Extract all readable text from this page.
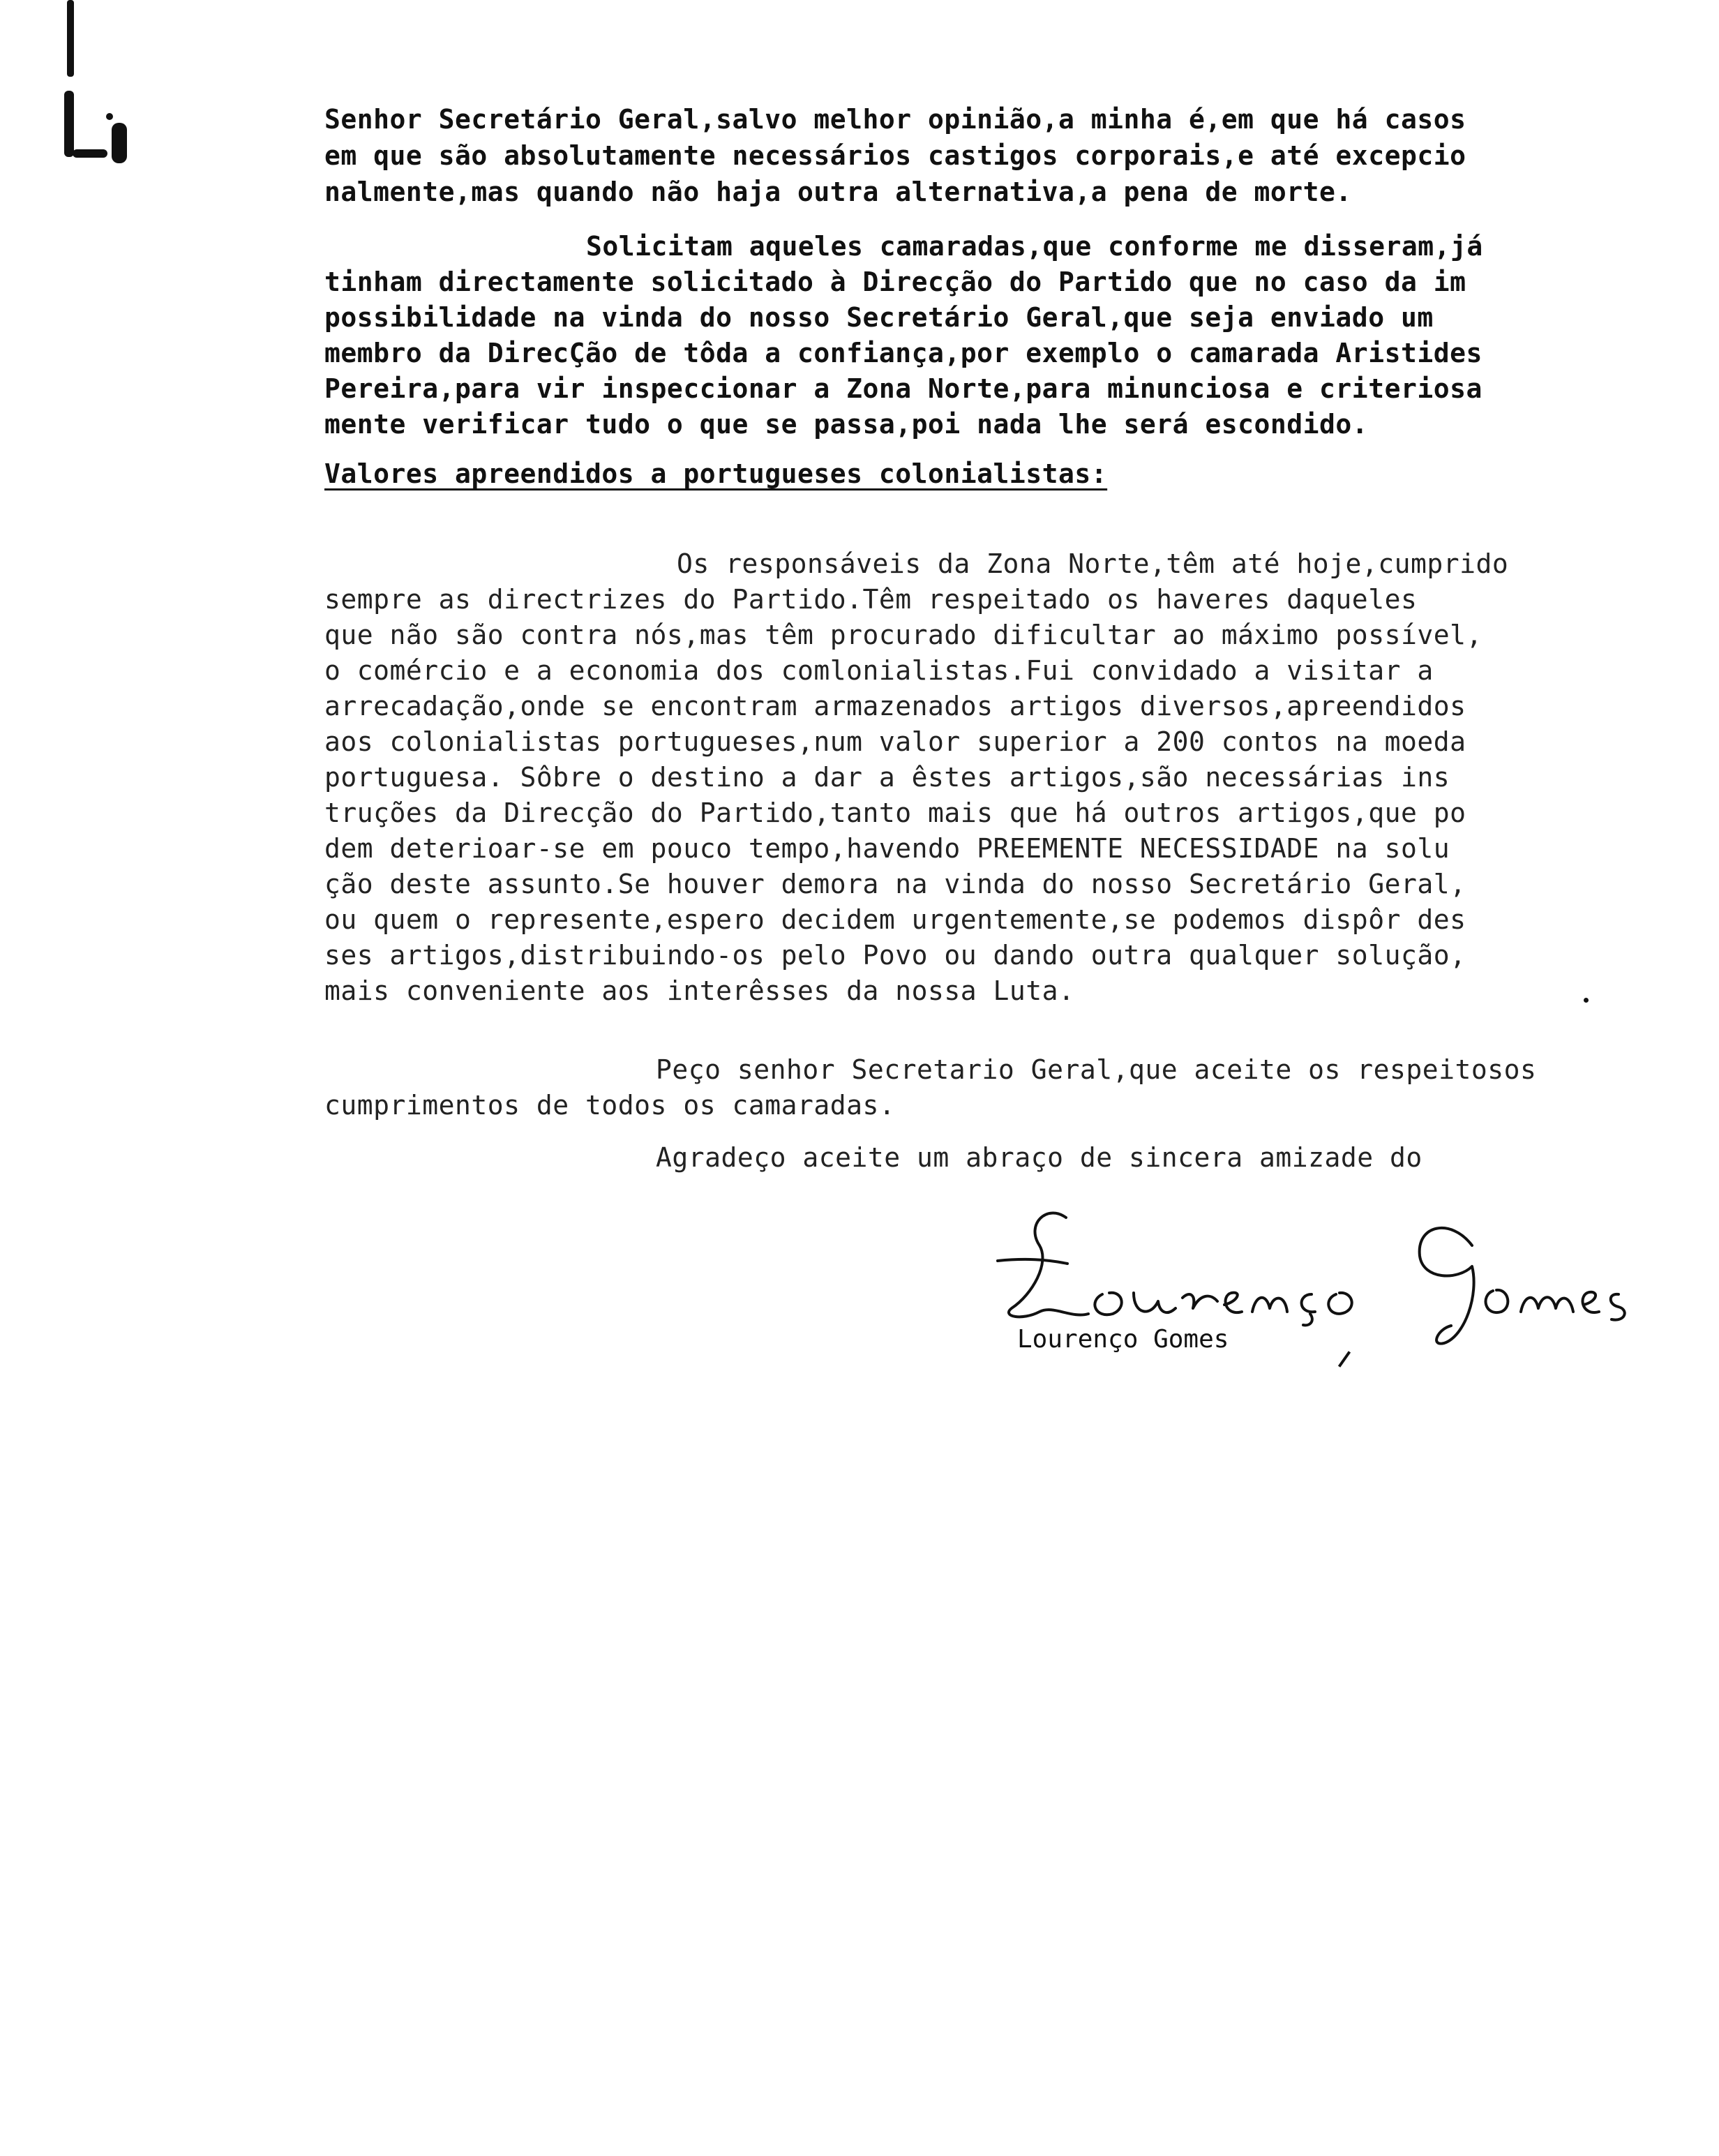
Senhor Secretário Geral,salvo melhor opinião,a minha é,em que há casos
em que são absolutamente necessários castigos corporais,e até excepcio
nalmente,mas quando não haja outra alternativa,a pena de morte.
Solicitam aqueles camaradas,que conforme me disseram,já
tinham directamente solicitado à Direcção do Partido que no caso da im
possibilidade na vinda do nosso Secretário Geral,que seja enviado um
membro da DirecÇão de tôda a confiança,por exemplo o camarada Aristides
Pereira,para vir inspeccionar a Zona Norte,para minunciosa e criteriosa
mente verificar tudo o que se passa,poi nada lhe será escondido.
Valores apreendidos a portugueses colonialistas:
Os responsáveis da Zona Norte,têm até hoje,cumprido
sempre as directrizes do Partido.Têm respeitado os haveres daqueles
que não são contra nós,mas têm procurado dificultar ao máximo possível,
o comércio e a economia dos comlonialistas.Fui convidado a visitar a
arrecadação,onde se encontram armazenados artigos diversos,apreendidos
aos colonialistas portugueses,num valor superior a 200 contos na moeda
portuguesa. Sôbre o destino a dar a êstes artigos,são necessárias ins
truções da Direcção do Partido,tanto mais que há outros artigos,que po
dem deterioar-se em pouco tempo,havendo PREEMENTE NECESSIDADE na solu
ção deste assunto.Se houver demora na vinda do nosso Secretário Geral,
ou quem o represente,espero decidem urgentemente,se podemos dispôr des
ses artigos,distribuindo-os pelo Povo ou dando outra qualquer solução,
mais conveniente aos interêsses da nossa Luta.
Peço senhor Secretario Geral,que aceite os respeitosos
cumprimentos de todos os camaradas.
Agradeço aceite um abraço de sincera amizade do
Lourenço Gomes
